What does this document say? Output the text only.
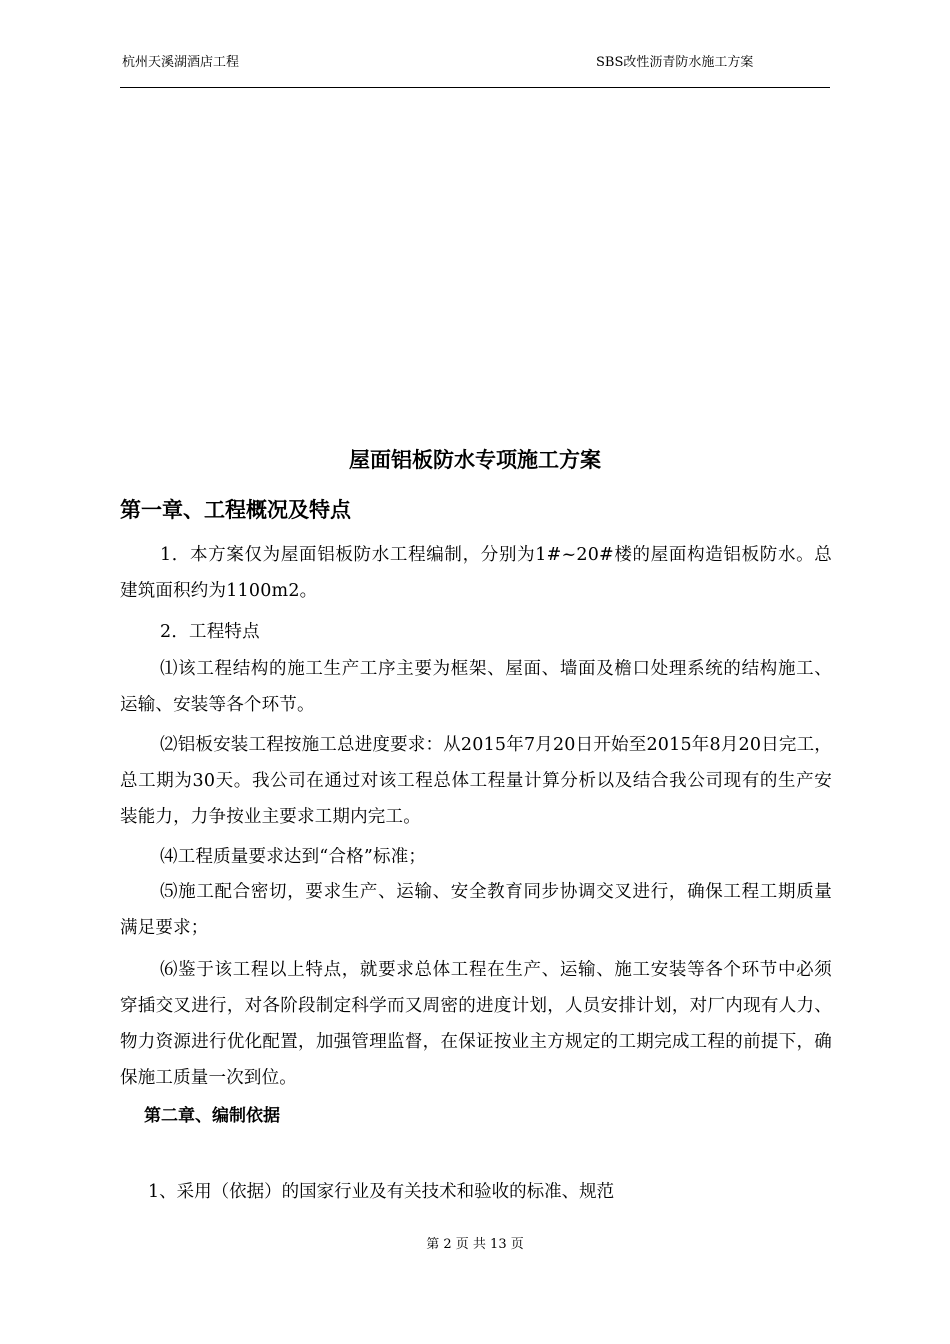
杭州天溪湖酒店工程	SBS改性沥青防水施工方案
屋面铝板防水专项施工方案
第一章、工程概况及特点

1．本方案仅为屋面铝板防水工程编制，分别为1#~20#楼的屋面构造铝板防水。总建筑面积约为1100m2。

2．工程特点

⑴该工程结构的施工生产工序主要为框架、屋面、墙面及檐口处理系统的结构施工、运输、安装等各个环节。

⑵铝板安装工程按施工总进度要求：从2015年7月20日开始至2015年8月20日完工，总工期为30天。我公司在通过对该工程总体工程量计算分析以及结合我公司现有的生产安装能力，力争按业主要求工期内完工。

⑷工程质量要求达到“合格”标准；

⑸施工配合密切，要求生产、运输、安全教育同步协调交叉进行，确保工程工期质量满足要求；

⑹鉴于该工程以上特点，就要求总体工程在生产、运输、施工安装等各个环节中必须穿插交叉进行，对各阶段制定科学而又周密的进度计划，人员安排计划，对厂内现有人力、物力资源进行优化配置，加强管理监督，在保证按业主方规定的工期完成工程的前提下，确保施工质量一次到位。

第二章、编制依据
1、采用（依据）的国家行业及有关技术和验收的标准、规范
第 2 页 共 13 页
